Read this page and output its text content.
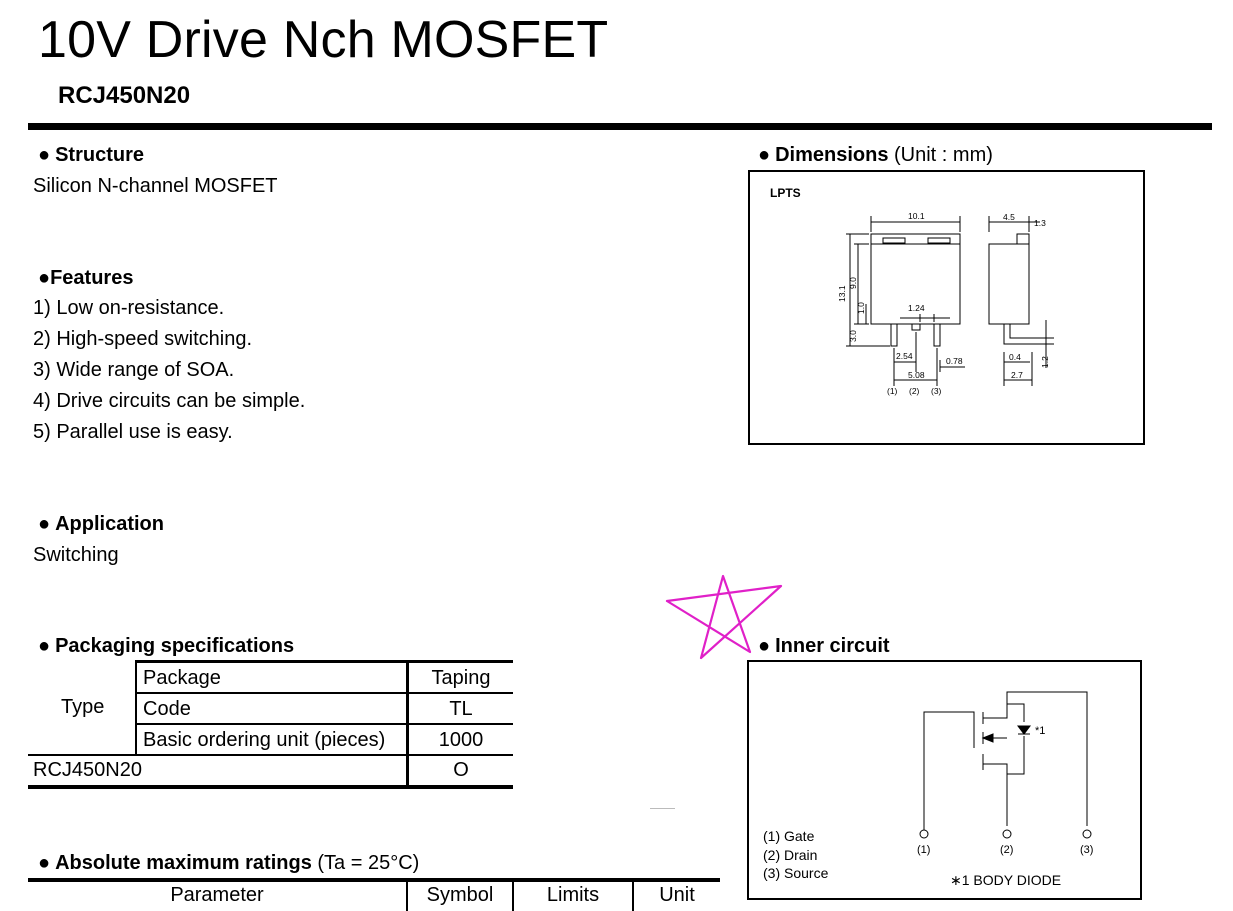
10V Drive Nch MOSFET
RCJ450N20
● Structure
Silicon N-channel MOSFET
●Features
1) Low on-resistance.
2) High-speed switching.
3) Wide range of SOA.
4) Drive circuits can be simple.
5) Parallel use is easy.
● Application
Switching
● Packaging specifications
Type
Package	Taping
Code	TL
Basic ordering unit (pieces)	1000
RCJ450N20	O
● Absolute maximum ratings (Ta = 25°C)
Parameter	Symbol	Limits	Unit
● Dimensions (Unit : mm)
LPTS
10.1	4.5
1.3
13.1
9.0
1.0
3.0
1.24
2.54	0.78
5.08
0.4
2.7
1.2
(1) (2) (3)
● Inner circuit
*1
(1)	(2)	(3)
(1) Gate
(2) Drain
(3) Source	∗1 BODY DIODE
